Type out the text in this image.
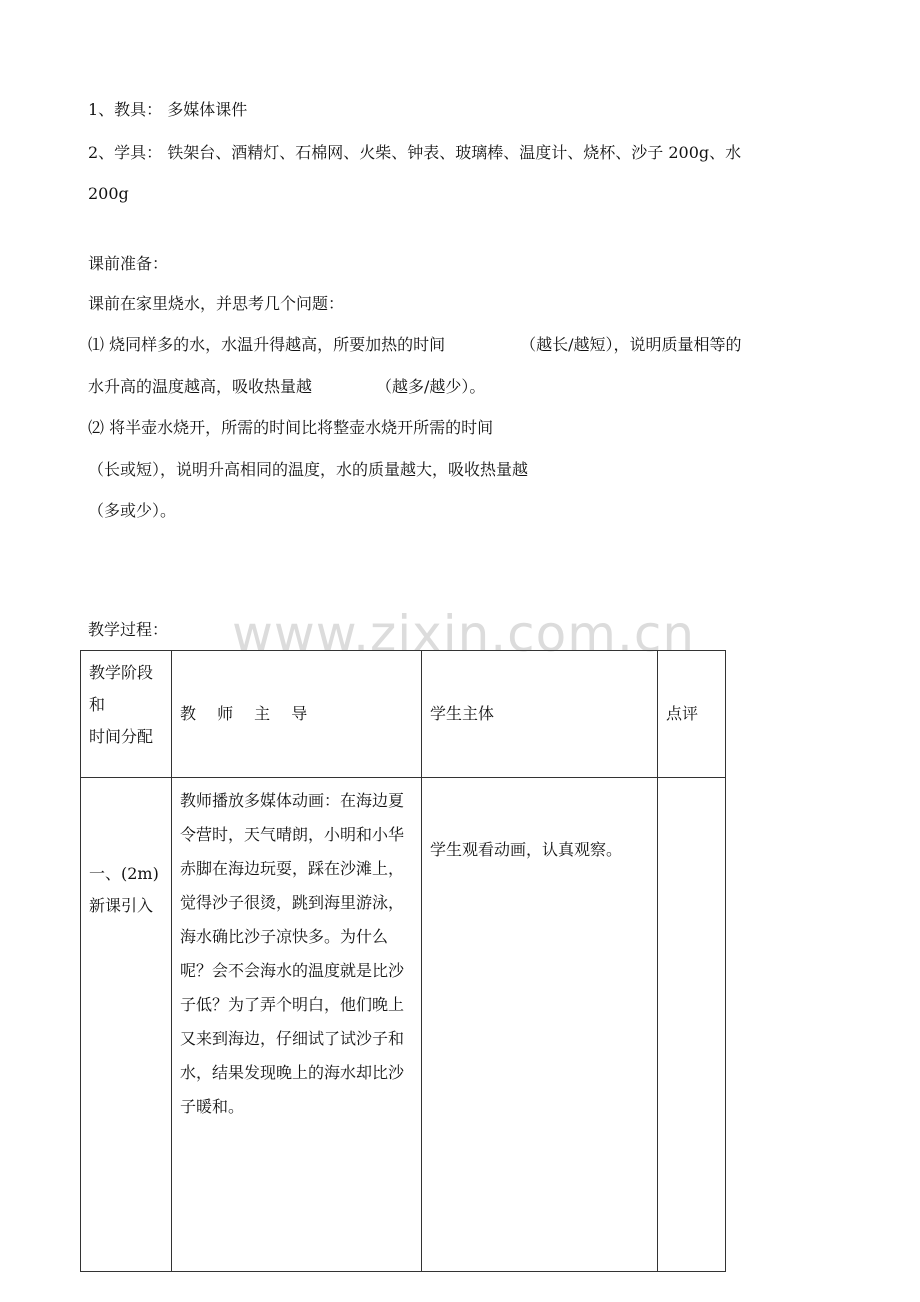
www.zixin.com.cn
1、教具： 多媒体课件
2、学具： 铁架台、酒精灯、石棉网、火柴、钟表、玻璃棒、温度计、烧杯、沙子 200g、水
200g
课前准备：
课前在家里烧水，并思考几个问题：
⑴ 烧同样多的水，水温升得越高，所要加热的时间	（越长/越短），说明质量相等的
水升高的温度越高，吸收热量越	（越多/越少）。
⑵ 将半壶水烧开，所需的时间比将整壶水烧开所需的时间
（长或短），说明升高相同的温度，水的质量越大，吸收热量越
（多或少）。
教学过程：
教学阶段
和
时间分配	教 师 主 导	学生主体	点评

一、(2m)
新课引入	教师播放多媒体动画：在海边夏令营时，天气晴朗，小明和小华赤脚在海边玩耍，踩在沙滩上，觉得沙子很烫，跳到海里游泳，海水确比沙子凉快多。为什么呢？会不会海水的温度就是比沙子低？为了弄个明白，他们晚上又来到海边，仔细试了试沙子和水，结果发现晚上的海水却比沙子暖和。	学生观看动画，认真观察。	
